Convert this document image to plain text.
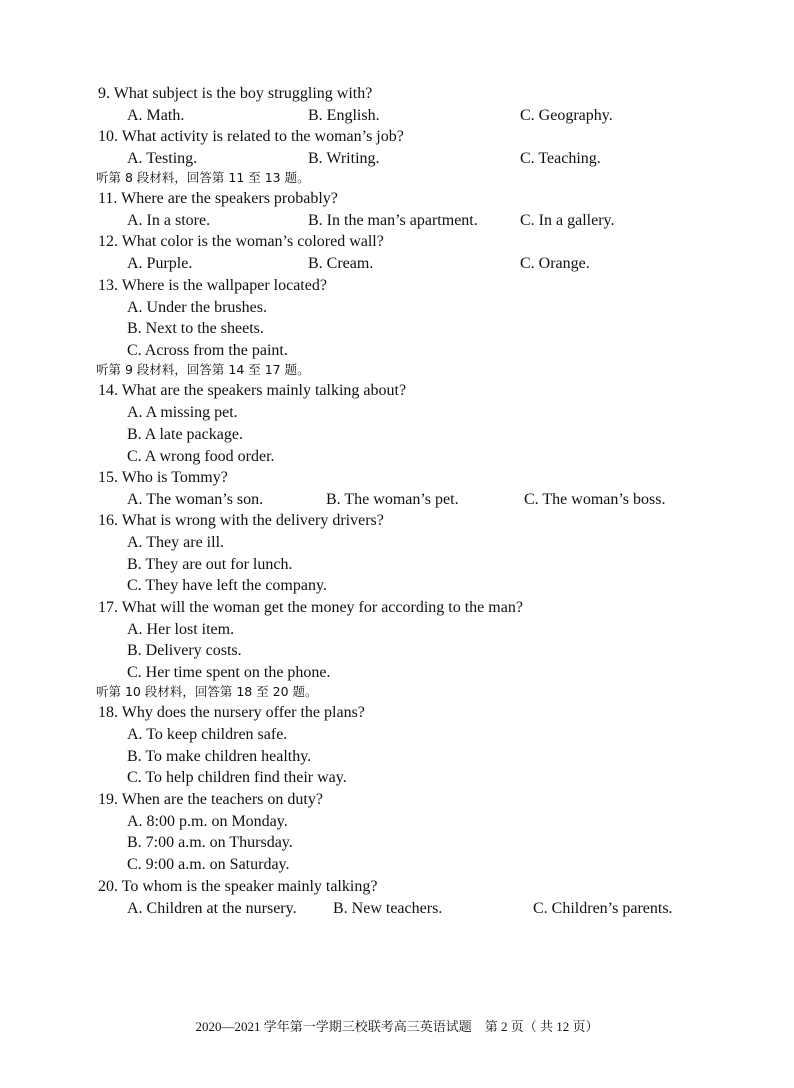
9. What subject is the boy struggling with?
A. Math.	B. English.	C. Geography.
10. What activity is related to the woman’s job?
A. Testing.	B. Writing.	C. Teaching.
听第 8 段材料，回答第 11 至 13 题。
11. Where are the speakers probably?
A. In a store.	B. In the man’s apartment.	C. In a gallery.
12. What color is the woman’s colored wall?
A. Purple.	B. Cream.	C. Orange.
13. Where is the wallpaper located?
A. Under the brushes.
B. Next to the sheets.
C. Across from the paint.
听第 9 段材料，回答第 14 至 17 题。
14. What are the speakers mainly talking about?
A. A missing pet.
B. A late package.
C. A wrong food order.
15. Who is Tommy?
A. The woman’s son.	B. The woman’s pet.	C. The woman’s boss.
16. What is wrong with the delivery drivers?
A. They are ill.
B. They are out for lunch.
C. They have left the company.
17. What will the woman get the money for according to the man?
A. Her lost item.
B. Delivery costs.
C. Her time spent on the phone.
听第 10 段材料，回答第 18 至 20 题。
18. Why does the nursery offer the plans?
A. To keep children safe.
B. To make children healthy.
C. To help children find their way.
19. When are the teachers on duty?
A. 8:00 p.m. on Monday.
B. 7:00 a.m. on Thursday.
C. 9:00 a.m. on Saturday.
20. To whom is the speaker mainly talking?
A. Children at the nursery. B. New teachers.	C. Children’s parents.
2020—2021 学年第一学期三校联考高三英语试题　第 2 页（ 共 12 页）
